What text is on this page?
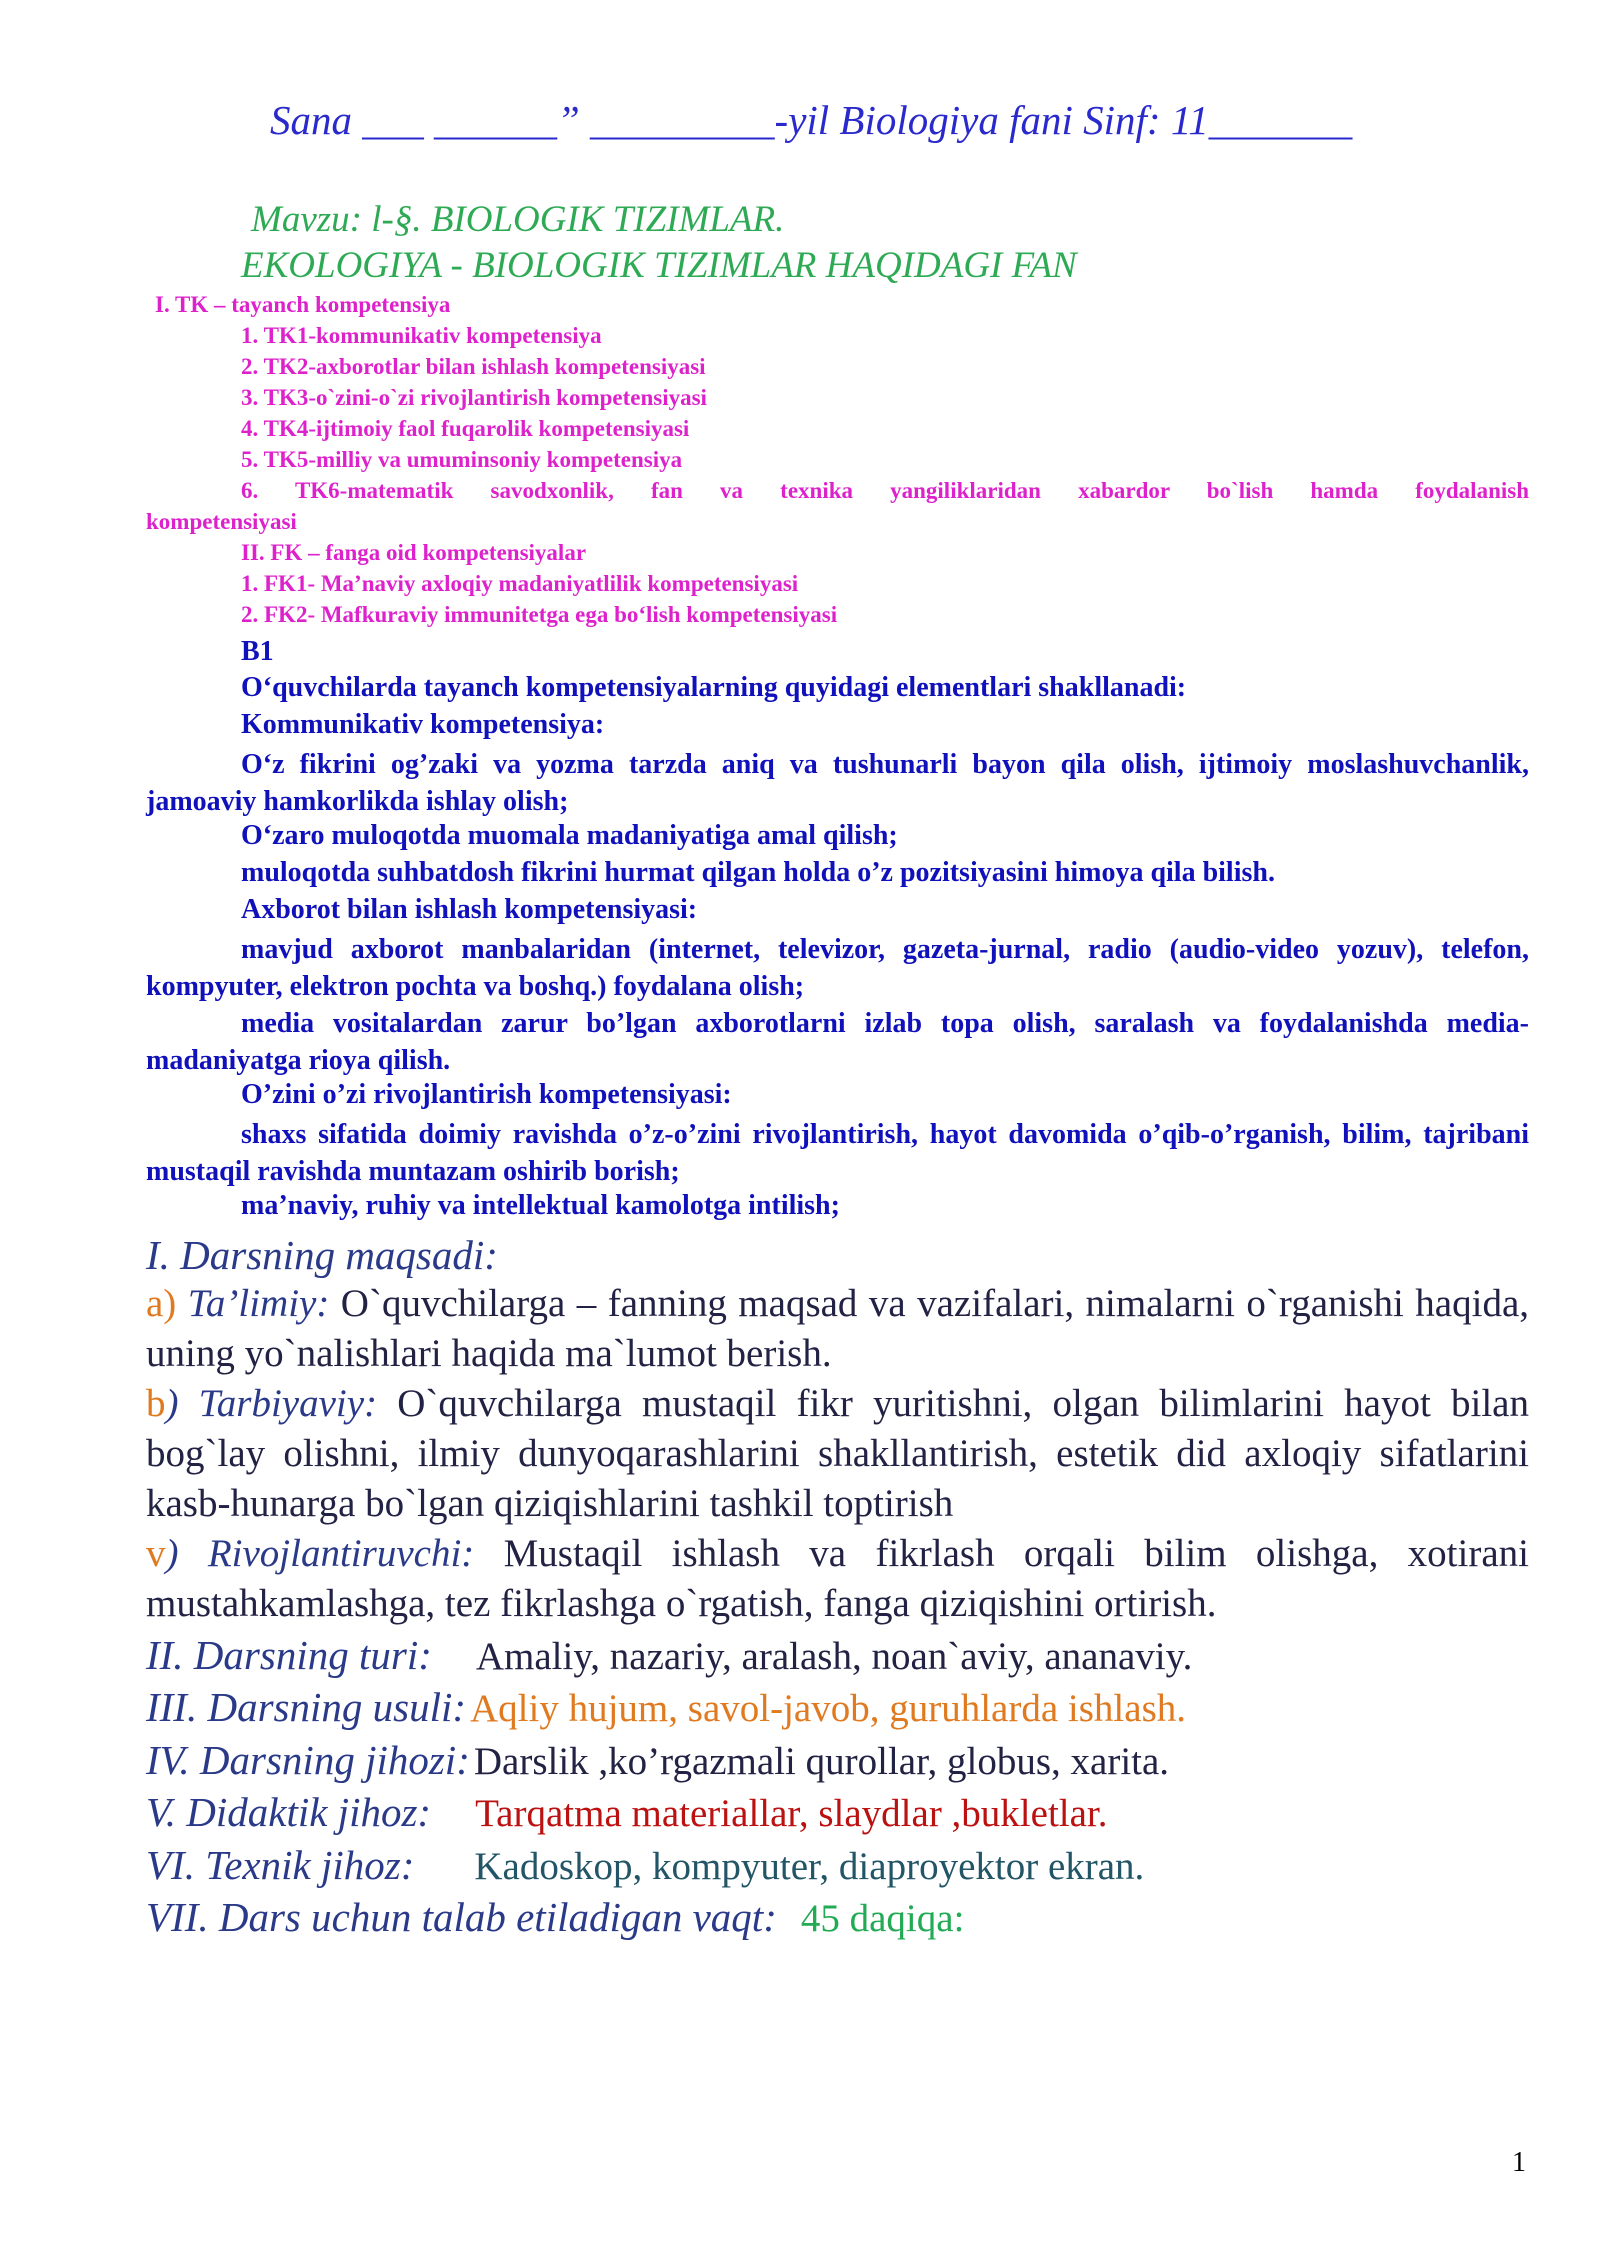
Sana ___ ______” _________-yil Biologiya fani Sinf: 11_______
Mavzu: l-§. BIOLOGIK TIZIMLAR.
EKOLOGIYA - BIOLOGIK TIZIMLAR HAQIDAGI FAN
I. TK – tayanch kompetensiya
1. TK1-kommunikativ kompetensiya
2. TK2-axborotlar bilan ishlash kompetensiyasi
3. TK3-o`zini-o`zi rivojlantirish kompetensiyasi
4. TK4-ijtimoiy faol fuqarolik kompetensiyasi
5. TK5-milliy va umuminsoniy kompetensiya
6. TK6-matematik savodxonlik, fan va texnika yangiliklaridan xabardor bo`lish hamda foydalanish
kompetensiyasi
II. FK – fanga oid kompetensiyalar
1. FK1- Ma’naviy axloqiy madaniyatlilik kompetensiyasi
2. FK2- Mafkuraviy immunitetga ega bo‘lish kompetensiyasi
B1
O‘quvchilarda tayanch kompetensiyalarning quyidagi elementlari shakllanadi:
Kommunikativ kompetensiya:
O‘z fikrini og’zaki va yozma tarzda aniq va tushunarli bayon qila olish, ijtimoiy moslashuvchanlik, jamoaviy hamkorlikda ishlay olish;
O‘zaro muloqotda muomala madaniyatiga amal qilish;
muloqotda suhbatdosh fikrini hurmat qilgan holda o’z pozitsiyasini himoya qila bilish.
Axborot bilan ishlash kompetensiyasi:
mavjud axborot manbalaridan (internet, televizor, gazeta-jurnal, radio (audio-video yozuv), telefon, kompyuter, elektron pochta va boshq.) foydalana olish;
media vositalardan zarur bo’lgan axborotlarni izlab topa olish, saralash va foydalanishda media-madaniyatga rioya qilish.
O’zini o’zi rivojlantirish kompetensiyasi:
shaxs sifatida doimiy ravishda o’z-o’zini rivojlantirish, hayot davomida o’qib-o’rganish, bilim, tajribani mustaqil ravishda muntazam oshirib borish;
ma’naviy, ruhiy va intellektual kamolotga intilish;
I. Darsning maqsadi:
a) Ta’limiy: O`quvchilarga – fanning maqsad va vazifalari, nimalarni o`rganishi haqida, uning yo`nalishlari haqida ma`lumot berish.
b) Tarbiyaviy: O`quvchilarga mustaqil fikr yuritishni, olgan bilimlarini hayot bilan bog`lay olishni, ilmiy dunyoqarashlarini shakllantirish, estetik did axloqiy sifatlarini kasb-hunarga bo`lgan qiziqishlarini tashkil toptirish
v) Rivojlantiruvchi: Mustaqil ishlash va fikrlash orqali bilim olishga, xotirani mustahkamlashga, tez fikrlashga o`rgatish, fanga qiziqishini ortirish.
II. Darsning turi: Amaliy, nazariy, aralash, noan`aviy, ananaviy.
III. Darsning usuli: Aqliy hujum, savol-javob, guruhlarda ishlash.
IV. Darsning jihozi: Darslik ,ko’rgazmali qurollar, globus, xarita.
V. Didaktik jihoz: Tarqatma materiallar, slaydlar ,bukletlar.
VI. Texnik jihoz: Kadoskop, kompyuter, diaproyektor ekran.
VII. Dars uchun talab etiladigan vaqt: 45 daqiqa:
1
